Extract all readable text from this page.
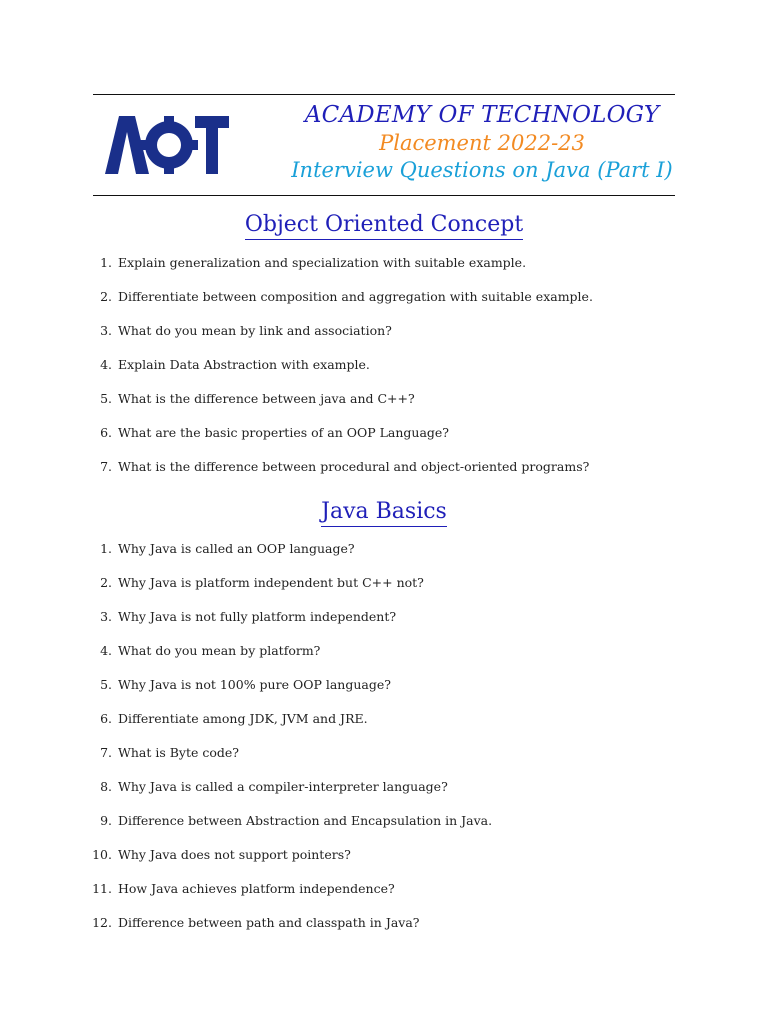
ACADEMY OF TECHNOLOGY
Placement 2022-23
Interview Questions on Java (Part I)
Object Oriented Concept
1. Explain generalization and specialization with suitable example.
2. Differentiate between composition and aggregation with suitable example.
3. What do you mean by link and association?
4. Explain Data Abstraction with example.
5. What is the difference between java and C++?
6. What are the basic properties of an OOP Language?
7. What is the difference between procedural and object-oriented programs?
Java Basics
1. Why Java is called an OOP language?
2. Why Java is platform independent but C++ not?
3. Why Java is not fully platform independent?
4. What do you mean by platform?
5. Why Java is not 100% pure OOP language?
6. Differentiate among JDK, JVM and JRE.
7. What is Byte code?
8. Why Java is called a compiler-interpreter language?
9. Difference between Abstraction and Encapsulation in Java.
10. Why Java does not support pointers?
11. How Java achieves platform independence?
12. Difference between path and classpath in Java?
